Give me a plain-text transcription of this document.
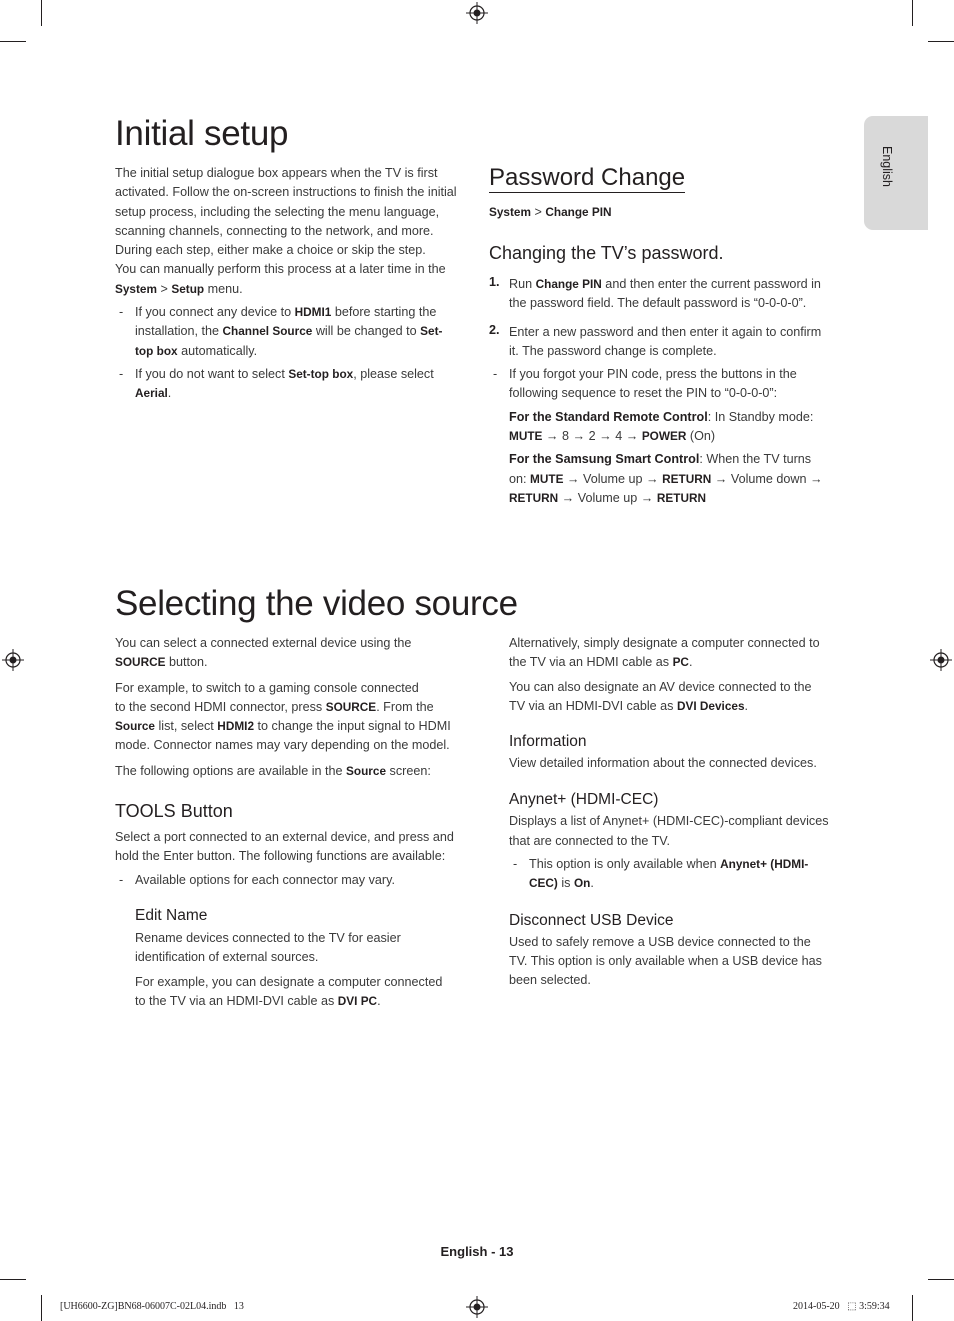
English
Initial setup

The initial setup dialogue box appears when the TV is first
activated. Follow the on-screen instructions to finish the initial
setup process, including the selecting the menu language,
scanning channels, connecting to the network, and more.
During each step, either make a choice or skip the step.
You can manually perform this process at a later time in the
System > Setup menu.

- If you connect any device to HDMI1 before starting the
installation, the Channel Source will be changed to Set-
top box automatically.

- If you do not want to select Set-top box, please select
Aerial.

Password Change

System > Change PIN

Changing the TV’s password.
1. Run Change PIN and then enter the current password in
the password field. The default password is “0-0-0-0”.

2. Enter a new password and then enter it again to confirm
it. The password change is complete.

- If you forgot your PIN code, press the buttons in the
following sequence to reset the PIN to “0-0-0-0”:

For the Standard Remote Control: In Standby mode:
MUTE → 8 → 2 → 4 → POWER (On)

For the Samsung Smart Control: When the TV turns
on: MUTE → Volume up → RETURN → Volume down →
RETURN → Volume up → RETURN

Selecting the video source

You can select a connected external device using the
SOURCE button.

For example, to switch to a gaming console connected
to the second HDMI connector, press SOURCE. From the
Source list, select HDMI2 to change the input signal to HDMI
mode. Connector names may vary depending on the model.

The following options are available in the Source screen:

TOOLS Button

Select a port connected to an external device, and press and
hold the Enter button. The following functions are available:

- Available options for each connector may vary.

Edit Name

Rename devices connected to the TV for easier
identification of external sources.

For example, you can designate a computer connected
to the TV via an HDMI-DVI cable as DVI PC.

Alternatively, simply designate a computer connected to
the TV via an HDMI cable as PC.

You can also designate an AV device connected to the
TV via an HDMI-DVI cable as DVI Devices.

Information

View detailed information about the connected devices.

Anynet+ (HDMI-CEC)

Displays a list of Anynet+ (HDMI-CEC)-compliant devices
that are connected to the TV.

- This option is only available when Anynet+ (HDMI-
CEC) is On.

Disconnect USB Device

Used to safely remove a USB device connected to the
TV. This option is only available when a USB device has
been selected.

English - 13
[UH6600-ZG]BN68-06007C-02L04.indb   13	2014-05-20   ⬚ 3:59:34
